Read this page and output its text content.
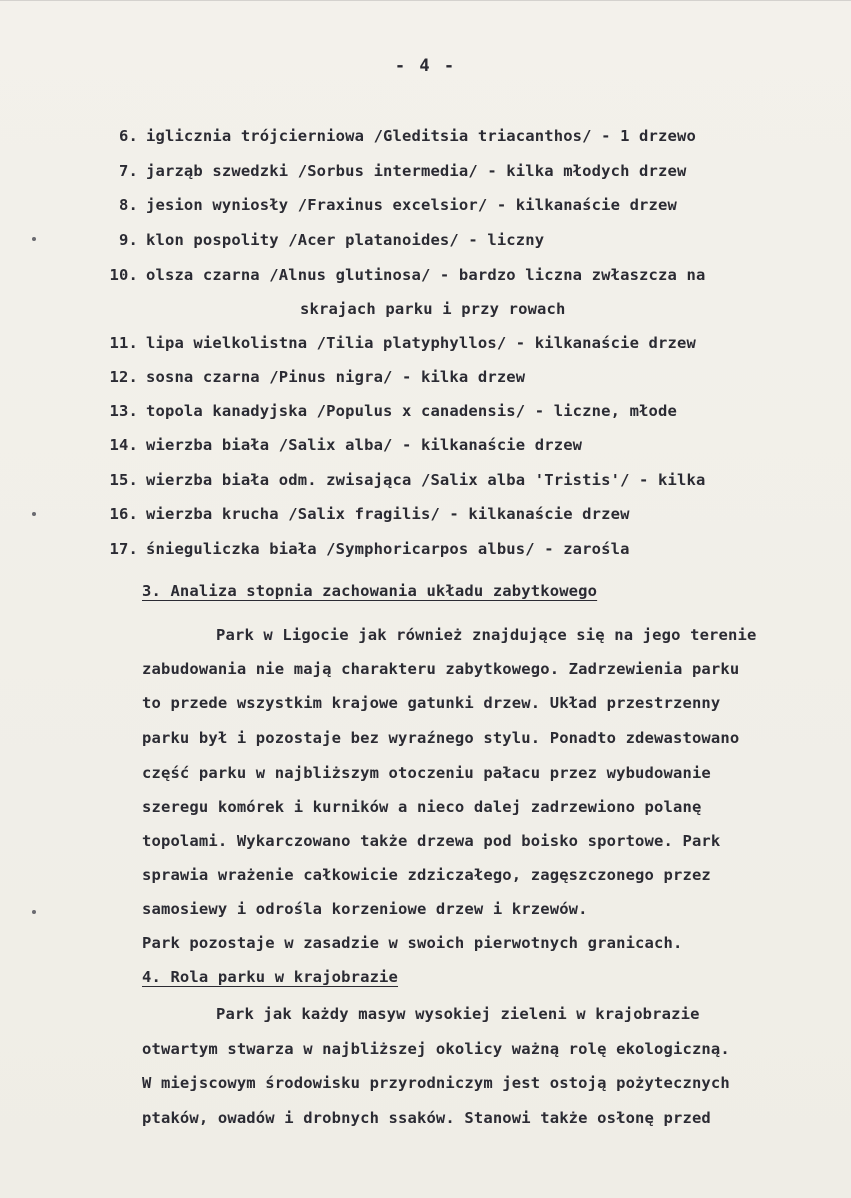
- 4 -
6. iglicznia trójcierniowa /Gleditsia triacanthos/ - 1 drzewo
7. jarząb szwedzki /Sorbus intermedia/ - kilka młodych drzew
8. jesion wyniosły /Fraxinus excelsior/ - kilkanaście drzew
9. klon pospolity /Acer platanoides/ - liczny
10. olsza czarna /Alnus glutinosa/ - bardzo liczna zwłaszcza na
skrajach parku i przy rowach
11. lipa wielkolistna /Tilia platyphyllos/ - kilkanaście drzew
12. sosna czarna /Pinus nigra/ - kilka drzew
13. topola kanadyjska /Populus x canadensis/ - liczne, młode
14. wierzba biała /Salix alba/ - kilkanaście drzew
15. wierzba biała odm. zwisająca /Salix alba 'Tristis'/ - kilka
16. wierzba krucha /Salix fragilis/ - kilkanaście drzew
17. śnieguliczka biała /Symphoricarpos albus/ - zarośla
3. Analiza stopnia zachowania układu zabytkowego
Park w Ligocie jak również znajdujące się na jego terenie
zabudowania nie mają charakteru zabytkowego. Zadrzewienia parku
to przede wszystkim krajowe gatunki drzew. Układ przestrzenny
parku był i pozostaje bez wyraźnego stylu. Ponadto zdewastowano
część parku w najbliższym otoczeniu pałacu przez wybudowanie
szeregu komórek i kurników a nieco dalej zadrzewiono polanę
topolami. Wykarczowano także drzewa pod boisko sportowe. Park
sprawia wrażenie całkowicie zdziczałego, zagęszczonego przez
samosiewy i odrośla korzeniowe drzew i krzewów.
Park pozostaje w zasadzie w swoich pierwotnych granicach.
4. Rola parku w krajobrazie
Park jak każdy masyw wysokiej zieleni w krajobrazie
otwartym stwarza w najbliższej okolicy ważną rolę ekologiczną.
W miejscowym środowisku przyrodniczym jest ostoją pożytecznych
ptaków, owadów i drobnych ssaków. Stanowi także osłonę przed
